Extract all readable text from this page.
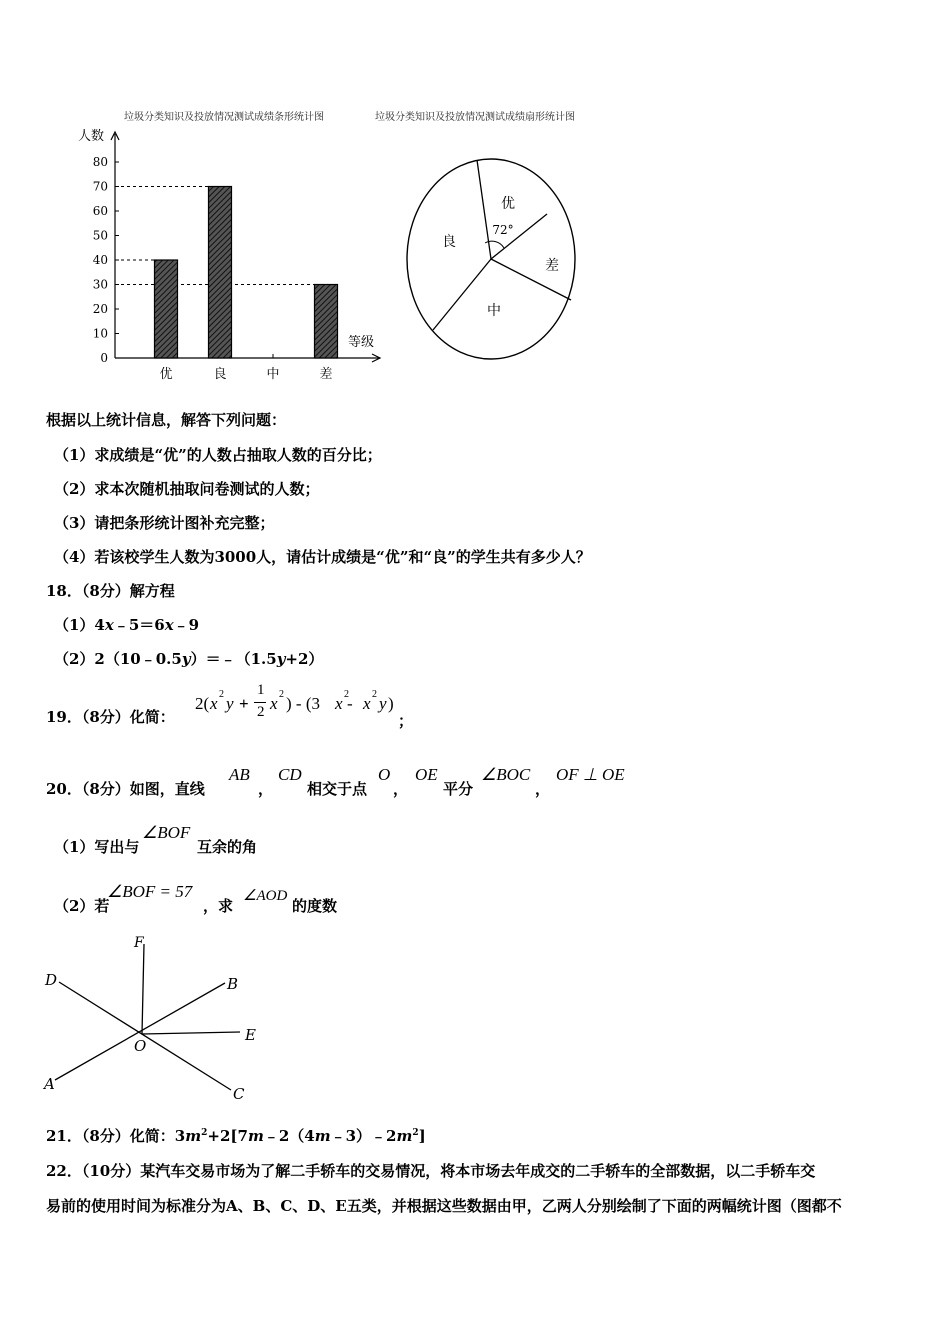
垃圾分类知识及投放情况测试成绩条形统计图	垃圾分类知识及投放情况测试成绩扇形统计图
人数
等级
0
10
20
30
40
50
60
70
80
优	良	中	差
优
差
中
良
72°
根据以上统计信息，解答下列问题：
（1）求成绩是“优”的人数占抽取人数的百分比；
（2）求本次随机抽取问卷测试的人数；
（3）请把条形统计图补充完整；
（4）若该校学生人数为3000人，请估计成绩是“优”和“良”的学生共有多少人？
18．（8分）解方程
（1）4x﹣5＝6x﹣9
（2）2（10﹣0.5y）＝﹣（1.5y+2）
19．（8分）化简：
2( x 2 y +
1
2 x 2 ) - (3 x 2
- x 2 y )
；
20．（8分）如图，直线
AB
，
CD
相交于点
O
，
OE
平分
∠BOC
，
OF ⊥ OE
（1）写出与
∠BOF
互余的角
（2）若
∠BOF = 57
，求
∠AOD
的度数
F
D	B
E
O
A
C
21．（8分）化简：$3m^2+2[7m﹣2(4m﹣3)﹣2m^2]$
22．（10分）某汽车交易市场为了解二手轿车的交易情况，将本市场去年成交的二手轿车的全部数据，以二手轿车交
易前的使用时间为标准分为A、B、C、D、E五类，并根据这些数据由甲，乙两人分别绘制了下面的两幅统计图（图都不
